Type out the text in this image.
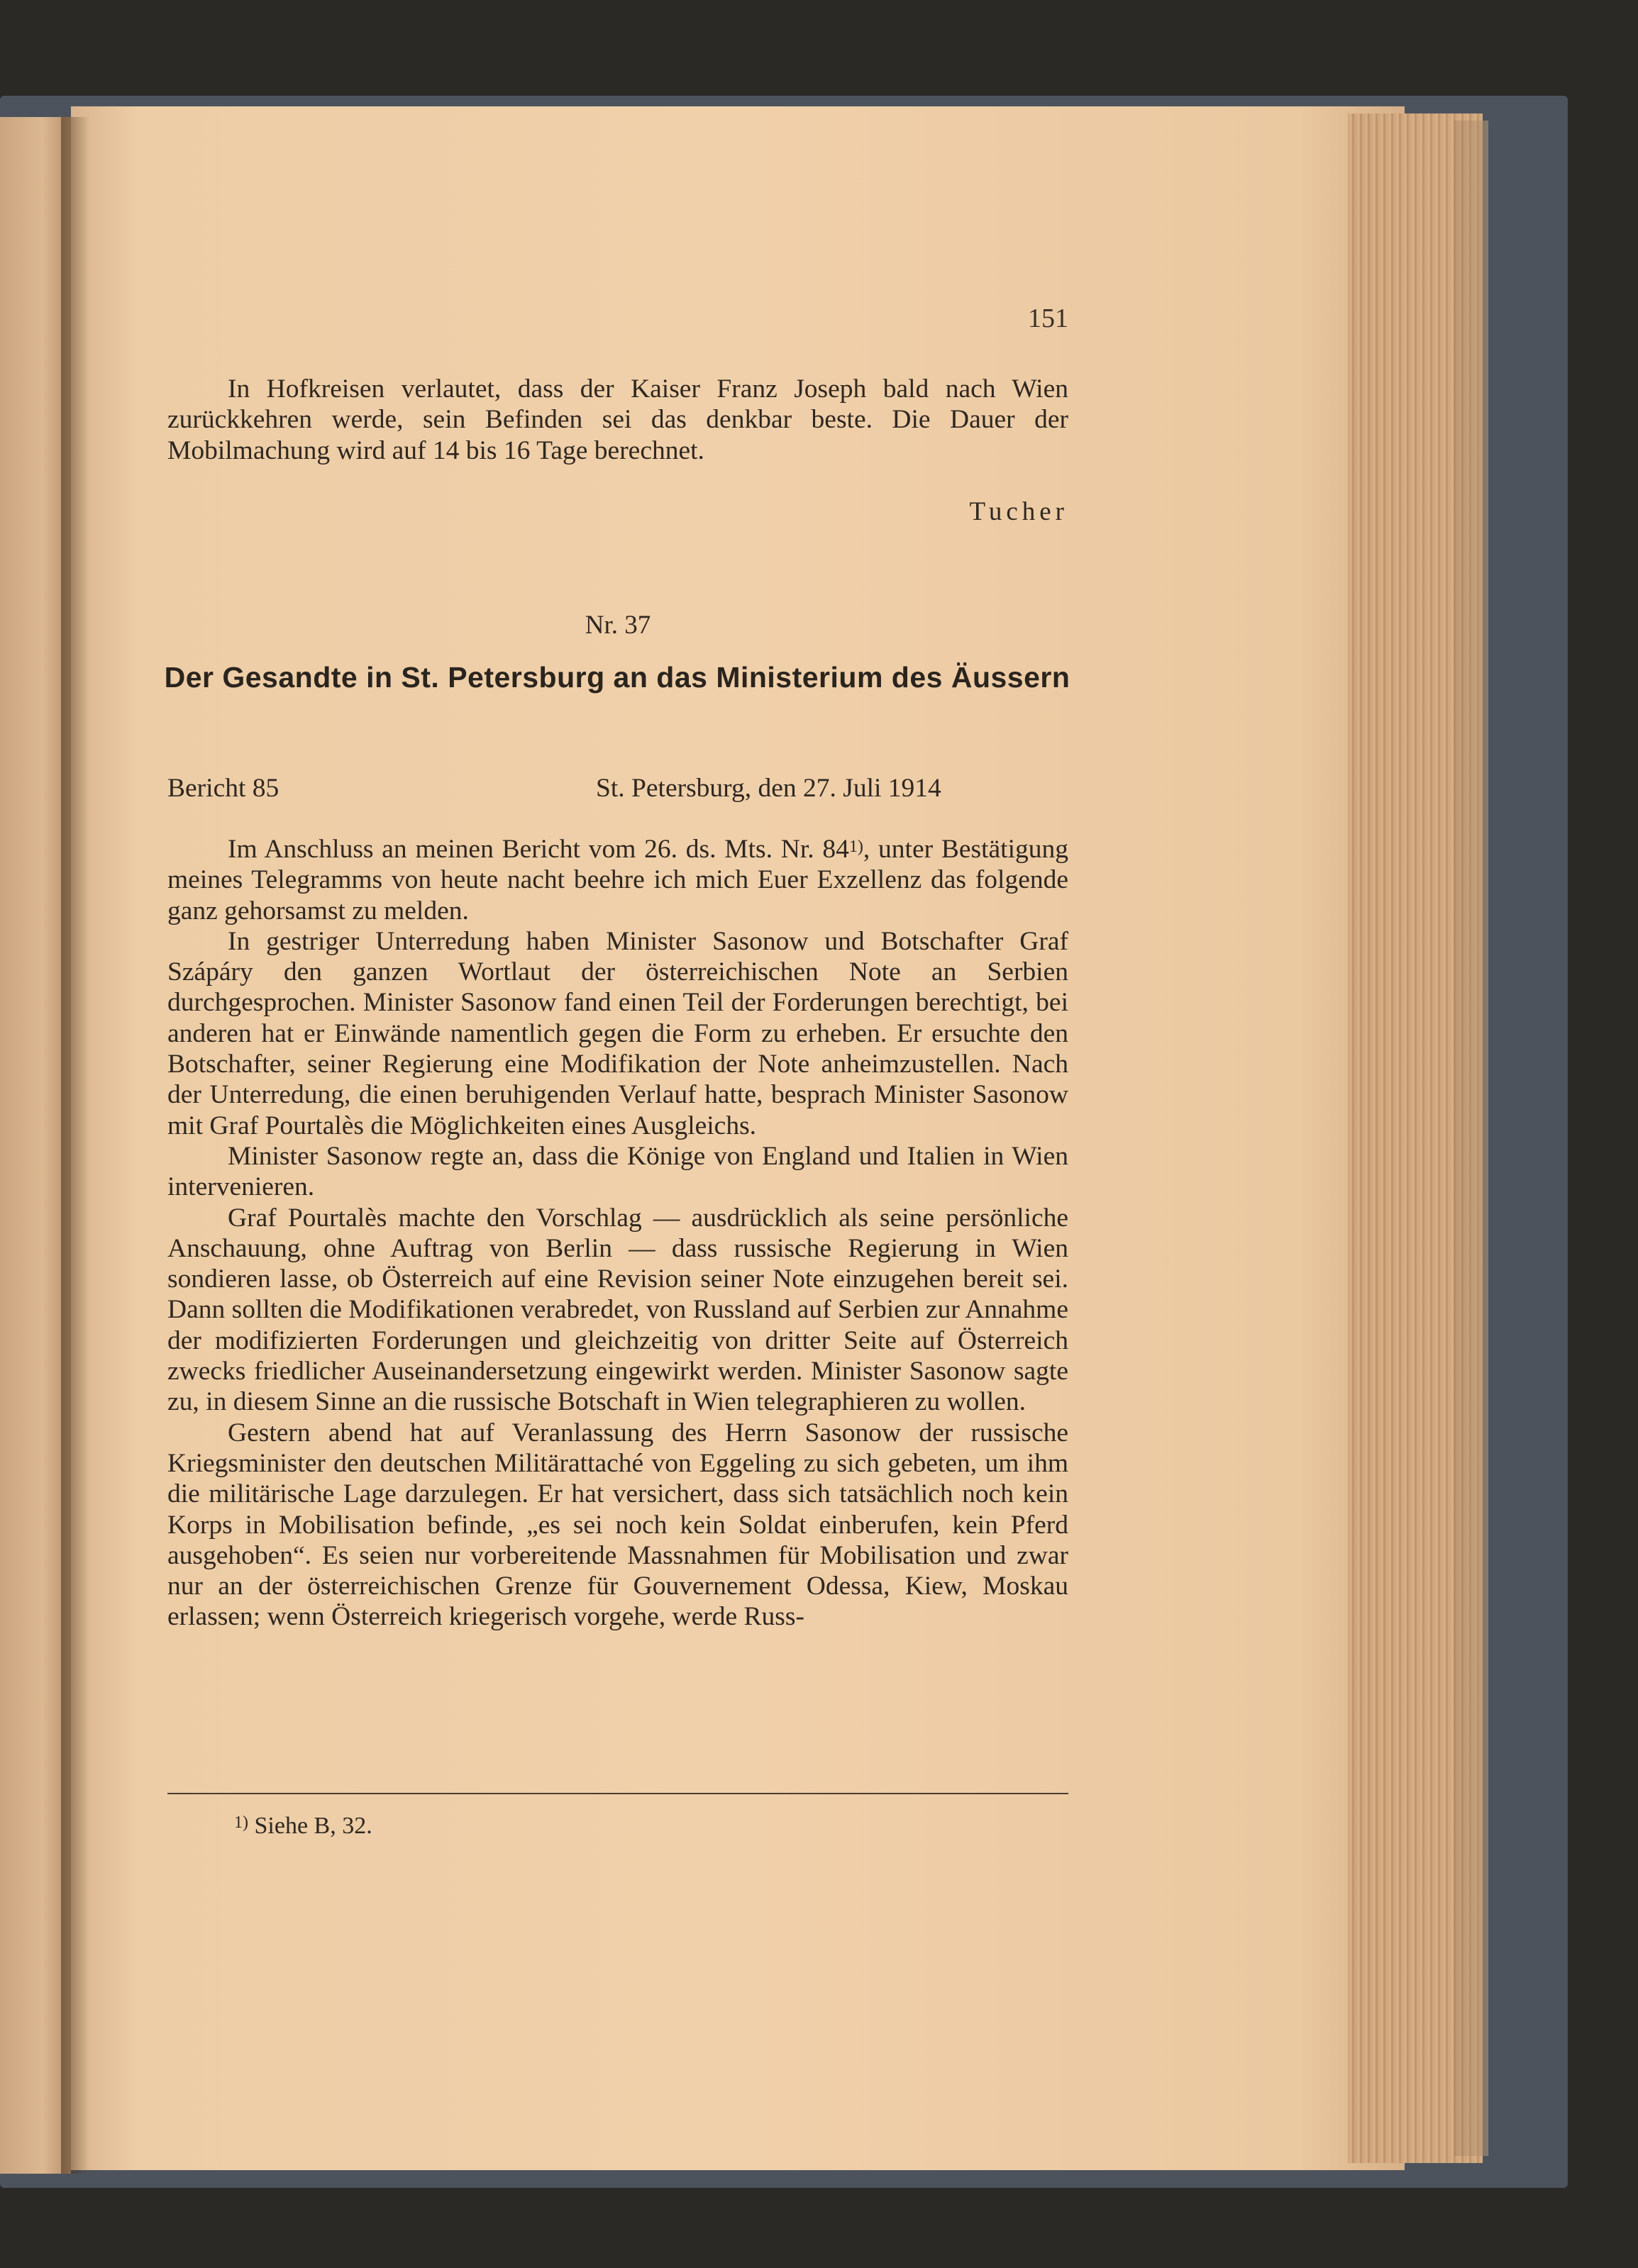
151

In Hofkreisen verlautet, dass der Kaiser Franz Joseph bald nach Wien zurückkehren werde, sein Befinden sei das denkbar beste. Die Dauer der Mobilmachung wird auf 14 bis 16 Tage berechnet.

Tucher
Nr. 37
Der Gesandte in St. Petersburg an das Ministerium des Äussern
Bericht 85	St. Petersburg, den 27. Juli 1914

Im Anschluss an meinen Bericht vom 26. ds. Mts. Nr. 84$^{1)}$, unter Bestätigung meines Telegramms von heute nacht beehre ich mich Euer Exzellenz das folgende ganz gehorsamst zu melden.

In gestriger Unterredung haben Minister Sasonow und Botschafter Graf Szápáry den ganzen Wortlaut der österreichischen Note an Serbien durchgesprochen. Minister Sasonow fand einen Teil der Forderungen berechtigt, bei anderen hat er Einwände namentlich gegen die Form zu erheben. Er ersuchte den Botschafter, seiner Regierung eine Modifikation der Note anheimzustellen. Nach der Unterredung, die einen beruhigenden Verlauf hatte, besprach Minister Sasonow mit Graf Pourtalès die Möglichkeiten eines Ausgleichs.

Minister Sasonow regte an, dass die Könige von England und Italien in Wien intervenieren.

Graf Pourtalès machte den Vorschlag — ausdrücklich als seine persönliche Anschauung, ohne Auftrag von Berlin — dass russische Regierung in Wien sondieren lasse, ob Österreich auf eine Revision seiner Note einzugehen bereit sei. Dann sollten die Modifikationen verabredet, von Russland auf Serbien zur Annahme der modifizierten Forderungen und gleichzeitig von dritter Seite auf Österreich zwecks friedlicher Auseinandersetzung eingewirkt werden. Minister Sasonow sagte zu, in diesem Sinne an die russische Botschaft in Wien telegraphieren zu wollen.

Gestern abend hat auf Veranlassung des Herrn Sasonow der russische Kriegsminister den deutschen Militärattaché von Eggeling zu sich gebeten, um ihm die militärische Lage darzulegen. Er hat versichert, dass sich tatsächlich noch kein Korps in Mobilisation befinde, „es sei noch kein Soldat einberufen, kein Pferd ausgehoben“. Es seien nur vorbereitende Massnahmen für Mobilisation und zwar nur an der österreichischen Grenze für Gouvernement Odessa, Kiew, Moskau erlassen; wenn Österreich kriegerisch vorgehe, werde Russ-

$^{1)}$ Siehe B, 32.
